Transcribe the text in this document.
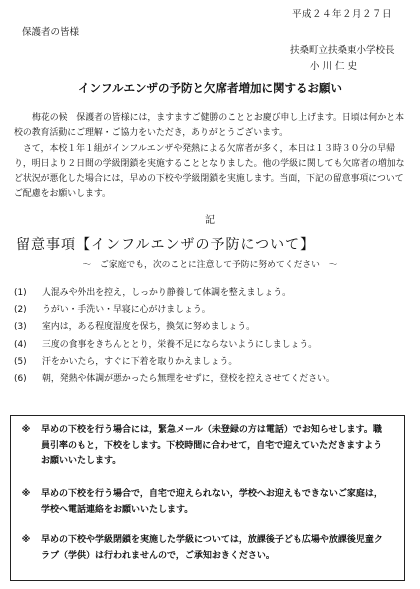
平成２４年２月２７日
保護者の皆様
扶桑町立扶桑東小学校長
小川仁史
インフルエンザの予防と欠席者増加に関するお願い

梅花の候　保護者の皆様には，ますますご健勝のこととお慶び申し上げます。日頃は何かと本校の教育活動にご理解・ご協力をいただき，ありがとうございます。

さて，本校１年１組がインフルエンザや発熱による欠席者が多く，本日は１３時３０分の早帰り，明日より２日間の学級閉鎖を実施することとなりました。他の学級に関しても欠席者の増加など状況が悪化した場合には，早めの下校や学級閉鎖を実施します。当面，下記の留意事項についてご配慮をお願いします。

記
留意事項【インフルエンザの予防について】
～　ご家庭でも，次のことに注意して予防に努めてください　～
(1)	人混みや外出を控え，しっかり静養して体調を整えましょう。
(2)	うがい・手洗い・早寝に心がけましょう。
(3)	室内は，ある程度湿度を保ち，換気に努めましょう。
(4)	三度の食事をきちんととり，栄養不足にならないようにしましょう。
(5)	汗をかいたら，すぐに下着を取りかえましょう。
(6)	朝，発熱や体調が悪かったら無理をせずに，登校を控えさせてください。
※	早めの下校を行う場合には，緊急メール（未登録の方は電話）でお知らせします。職員引率のもと，下校をします。下校時間に合わせて，自宅で迎えていただきますようお願いいたします。
※	早めの下校を行う場合で，自宅で迎えられない，学校へお迎えもできないご家庭は，学校へ電話連絡をお願いいたします。
※	早めの下校や学級閉鎖を実施した学級については，放課後子ども広場や放課後児童クラブ（学供）は行われませんので，ご承知おきください。
